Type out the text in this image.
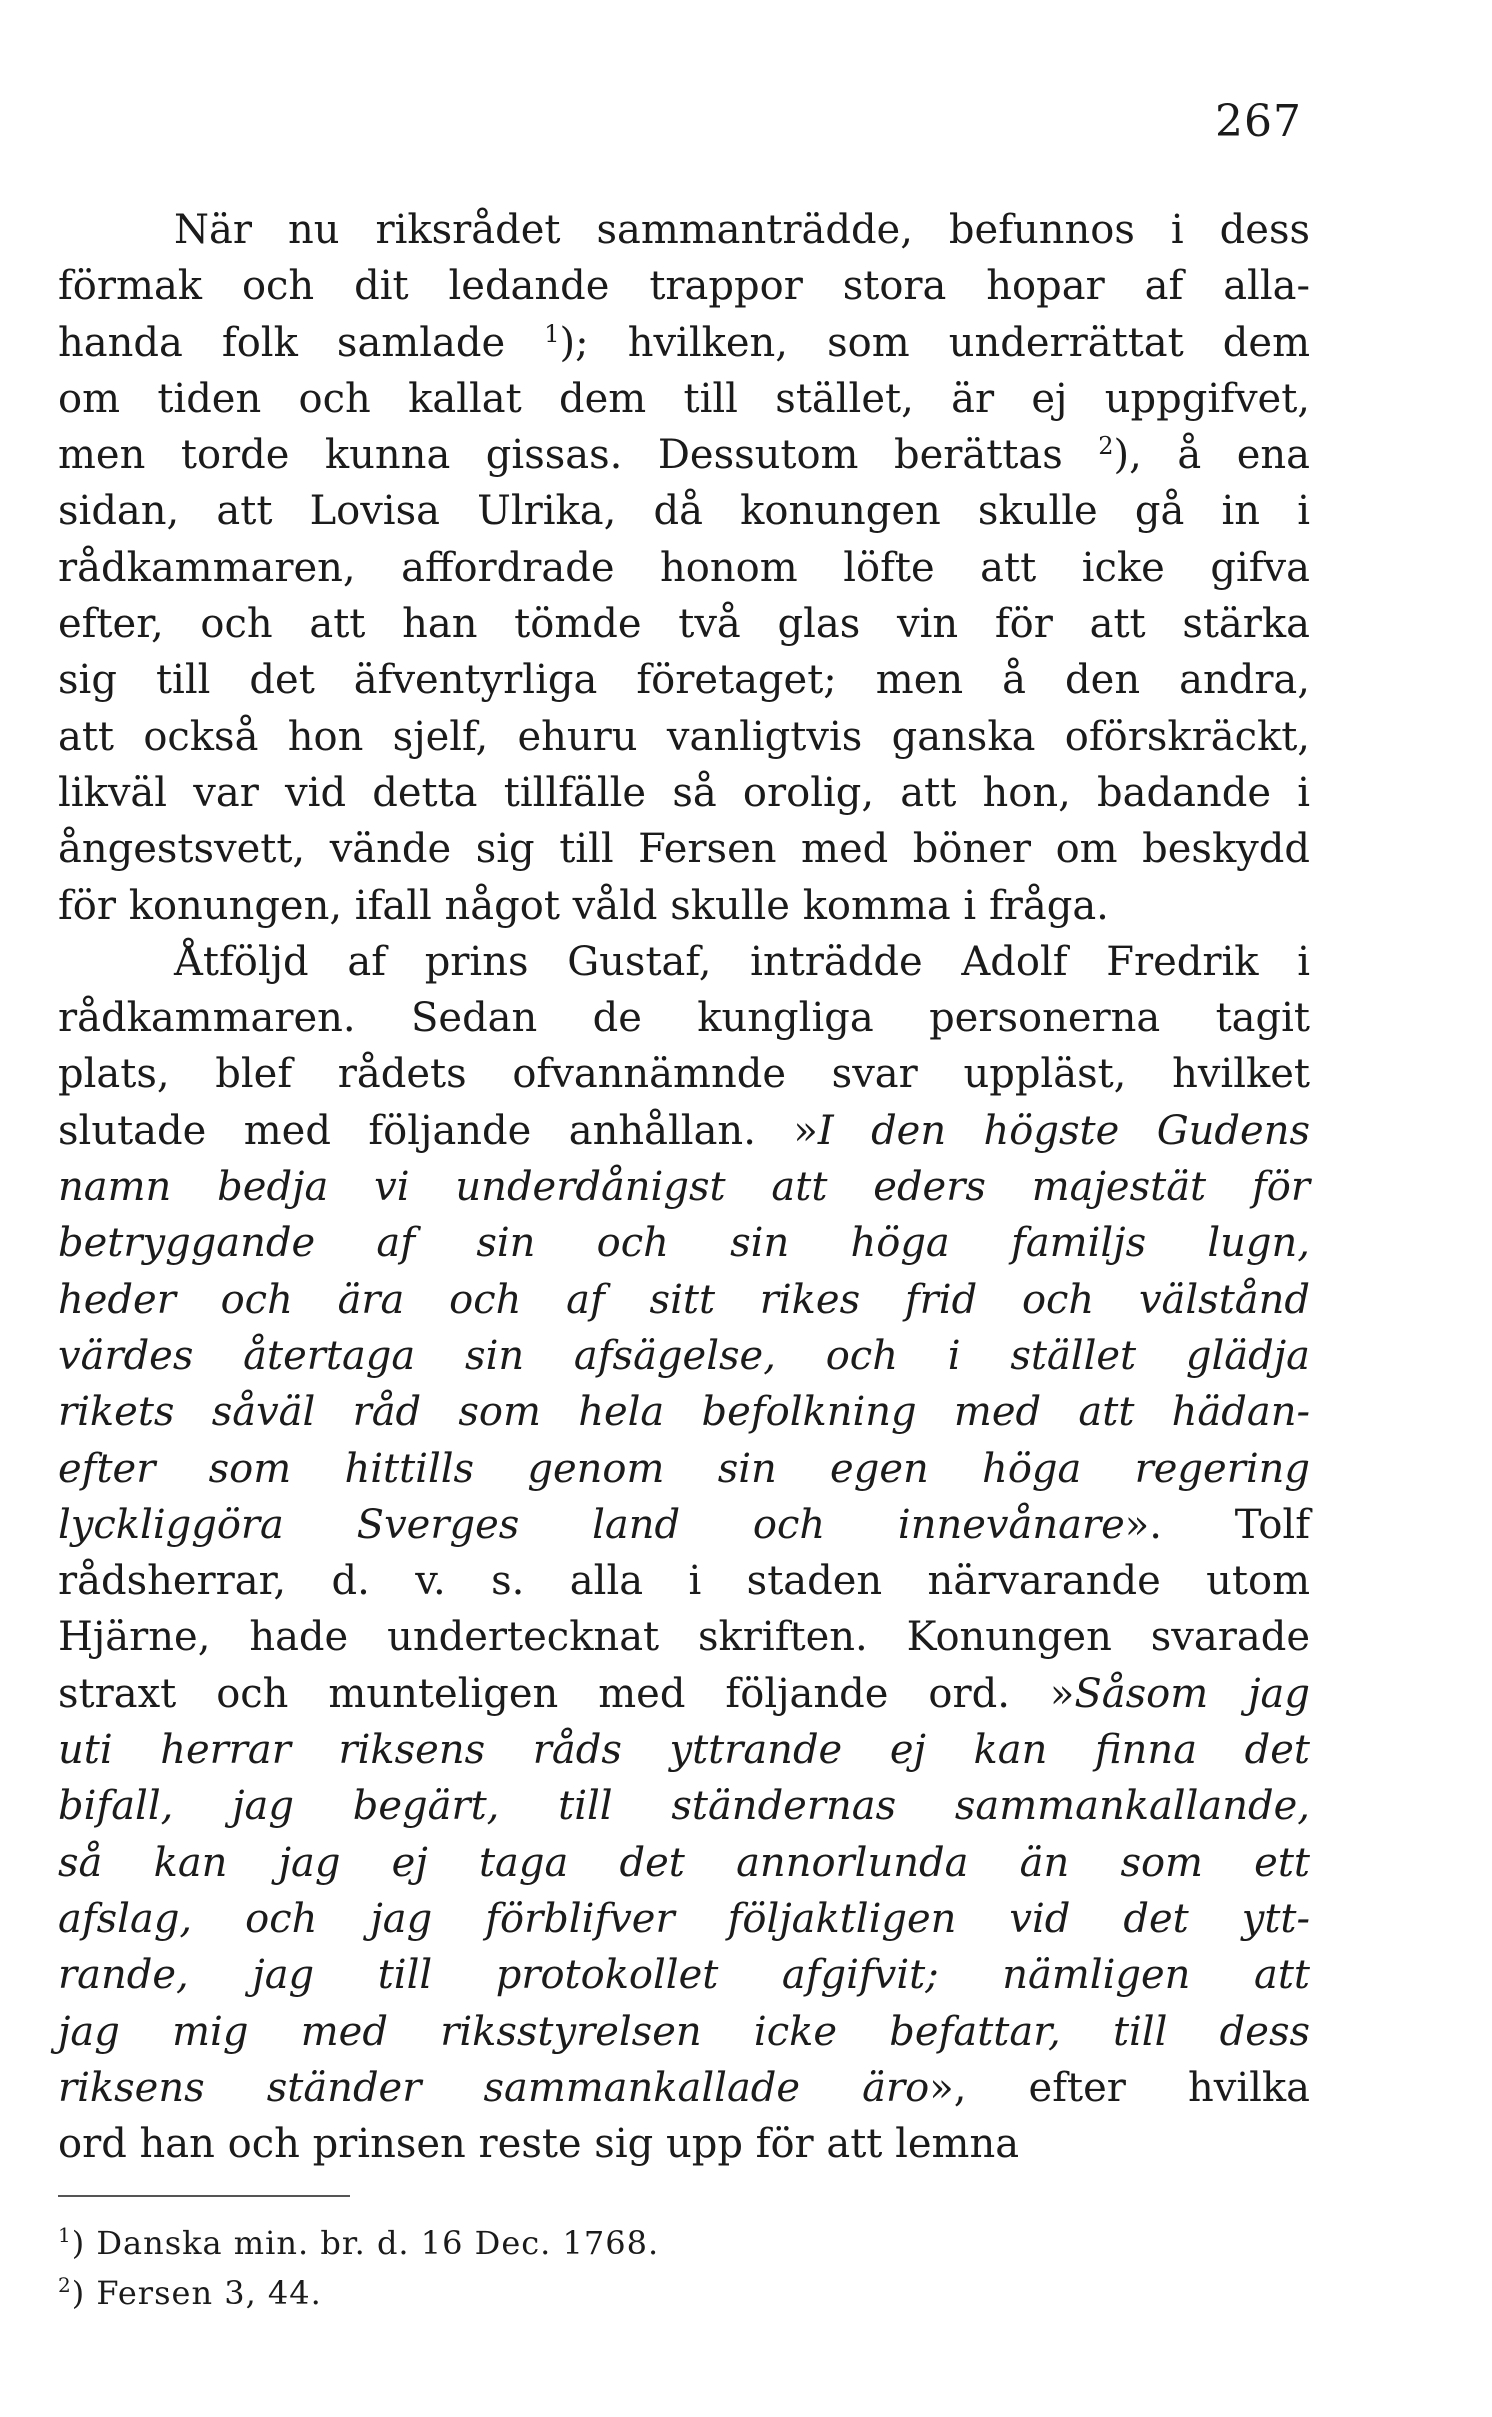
267
När nu riksrådet sammanträdde, befunnos i dess
förmak och dit ledande trappor stora hopar af alla-
handa folk samlade $^1$); hvilken, som underrättat dem
om tiden och kallat dem till stället, är ej uppgifvet,
men torde kunna gissas. Dessutom berättas $^2$), å ena
sidan, att Lovisa Ulrika, då konungen skulle gå in i
rådkammaren, affordrade honom löfte att icke gifva
efter, och att han tömde två glas vin för att stärka
sig till det äfventyrliga företaget; men å den andra,
att också hon sjelf, ehuru vanligtvis ganska oförskräckt,
likväl var vid detta tillfälle så orolig, att hon, badande i
ångestsvett, vände sig till Fersen med böner om beskydd
för konungen, ifall något våld skulle komma i fråga.
Åtföljd af prins Gustaf, inträdde Adolf Fredrik i
rådkammaren. Sedan de kungliga personerna tagit
plats, blef rådets ofvannämnde svar uppläst, hvilket
slutade med följande anhållan. »I den högste Gudens
namn bedja vi underdånigst att eders majestät för
betryggande af sin och sin höga familjs lugn,
heder och ära och af sitt rikes frid och välstånd
värdes återtaga sin afsägelse, och i stället glädja
rikets såväl råd som hela befolkning med att hädan-
efter som hittills genom sin egen höga regering
lyckliggöra Sverges land och innevånare». Tolf
rådsherrar, d. v. s. alla i staden närvarande utom
Hjärne, hade undertecknat skriften. Konungen svarade
straxt och munteligen med följande ord. »Såsom jag
uti herrar riksens råds yttrande ej kan finna det
bifall, jag begärt, till ständernas sammankallande,
så kan jag ej taga det annorlunda än som ett
afslag, och jag förblifver följaktligen vid det ytt-
rande, jag till protokollet afgifvit; nämligen att
jag mig med riksstyrelsen icke befattar, till dess
riksens ständer sammankallade äro», efter hvilka
ord han och prinsen reste sig upp för att lemna
$^1$) Danska min. br. d. 16 Dec. 1768.
$^2$) Fersen 3, 44.
